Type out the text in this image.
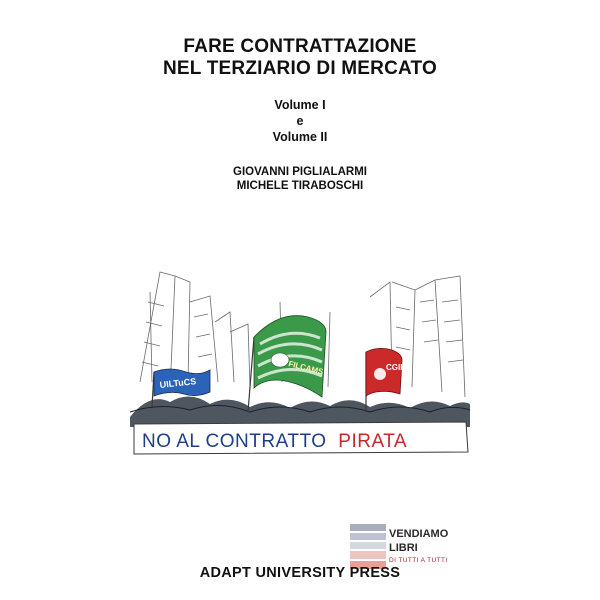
FARE CONTRATTAZIONE
NEL TERZIARIO DI MERCATO
Volume I
e
Volume II
GIOVANNI PIGLIALARMI
MICHELE TIRABOSCHI
UILTuCS
FILCAMS	CGIL
NO AL CONTRATTO PIRATA
VENDIAMO
LIBRI
DI TUTTI A TUTTI
ADAPT UNIVERSITY PRESS
